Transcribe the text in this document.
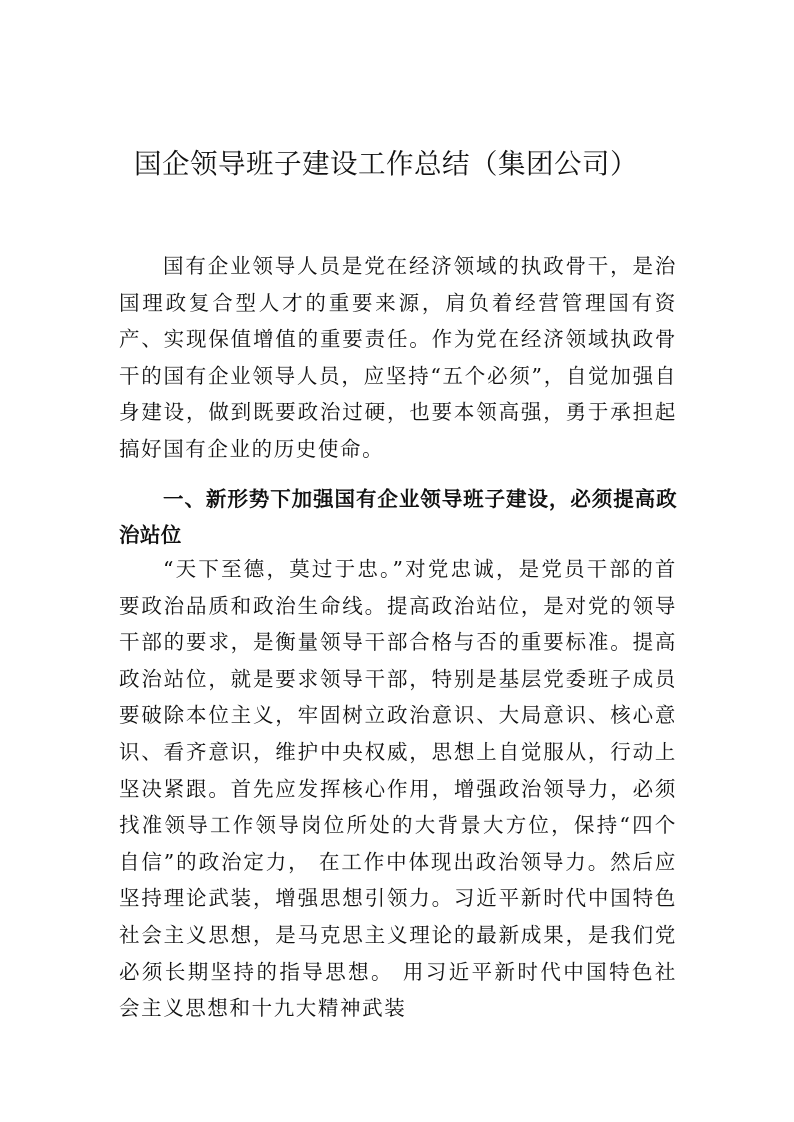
国企领导班子建设工作总结（集团公司）

国有企业领导人员是党在经济领域的执政骨干，是治国理政复合型人才的重要来源，肩负着经营管理国有资产、实现保值增值的重要责任。作为党在经济领域执政骨干的国有企业领导人员，应坚持“五个必须”，自觉加强自身建设，做到既要政治过硬，也要本领高强，勇于承担起搞好国有企业的历史使命。

一、新形势下加强国有企业领导班子建设，必须提高政治站位

“天下至德，莫过于忠。”对党忠诚，是党员干部的首要政治品质和政治生命线。提高政治站位，是对党的领导干部的要求，是衡量领导干部合格与否的重要标准。提高政治站位，就是要求领导干部，特别是基层党委班子成员要破除本位主义，牢固树立政治意识、大局意识、核心意识、看齐意识，维护中央权威，思想上自觉服从，行动上坚决紧跟。首先应发挥核心作用，增强政治领导力，必须找准领导工作领导岗位所处的大背景大方位，保持“四个自信”的政治定力， 在工作中体现出政治领导力。然后应坚持理论武装，增强思想引领力。习近平新时代中国特色社会主义思想，是马克思主义理论的最新成果，是我们党必须长期坚持的指导思想。 用习近平新时代中国特色社会主义思想和十九大精神武装
